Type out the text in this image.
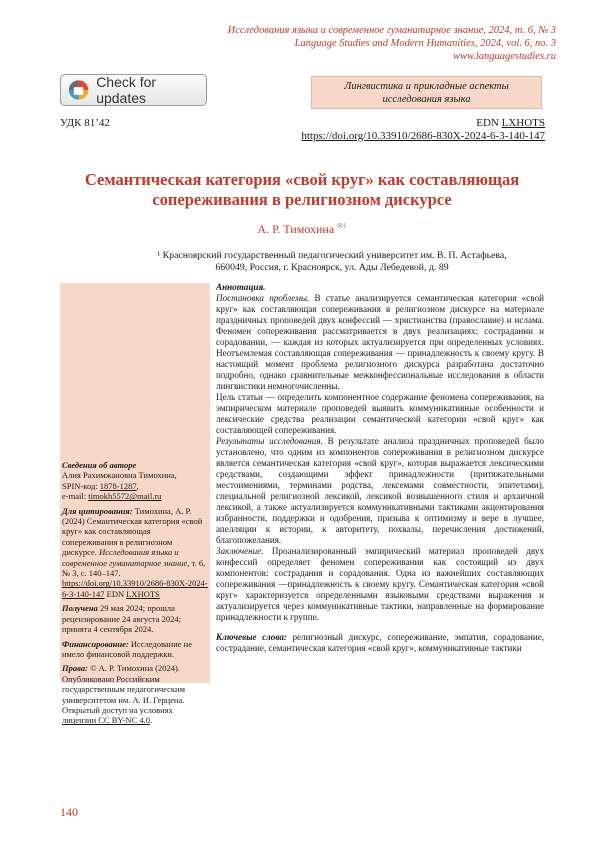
Исследования языка и современное гуманитарное знание, 2024, т. 6, № 3
Language Studies and Modern Humanities, 2024, vol. 6, no. 3
www.languagestudies.ru
Check for updates
Лингвистика и прикладные аспекты
исследования языка
УДК 81’42	EDN LXHOTS
https://doi.org/10.33910/2686-830X-2024-6-3-140-147
Семантическая категория «свой круг» как составляющая
сопереживания в религиозном дискурсе
А. Р. Тимохина $^{✉1}$
¹ Красноярский государственный педагогический университет им. В. П. Астафьева,
660049, Россия, г. Красноярск, ул. Ады Лебедевой, д. 89

Сведения об авторе
Алия Рахимжановна Тимохина,
SPIN-код: 1878-1287,
e-mail: timokh5572@mail.ru

Для цитирования: Тимохина, А. Р. (2024) Семантическая категория «свой круг» как составляющая сопереживания в религиозном дискурсе. Исследования языка и современное гуманитарное знание, т. 6, № 3, с. 140–147. https://doi.org/10.33910/2686-830X-2024-6-3-140-147 EDN LXHOTS

Получена 29 мая 2024; прошла рецензирование 24 августа 2024; принята 4 сентября 2024.

Финансирование: Исследование не имело финансовой поддержки.

Права: © А. Р. Тимохина (2024). Опубликовано Российским государственным педагогическим университетом им. А. И. Герцена. Открытый доступ на условиях лицензии CC BY-NC 4.0.

Аннотация.

Постановка проблемы. В статье анализируется семантическая категория «свой круг» как составляющая сопереживания в религиозном дискурсе на материале праздничных проповедей двух конфессий — христианства (православие) и ислама. Феномен сопереживания рассматривается в двух реализациях: сострадании и сорадовании, — каждая из которых актуализируется при определенных условиях. Неотъемлемая составляющая сопереживания — принадлежность к своему кругу. В настоящий момент проблема религиозного дискурса разработана достаточно подробно, однако сравнительные межконфессиональные исследования в области лингвистики немногочисленны.

Цель статьи — определить компонентное содержание феномена сопереживания, на эмпирическом материале проповедей выявить коммуникативные особенности и лексические средства реализации семантической категории «свой круг» как составляющей сопереживания.

Результаты исследования. В результате анализа праздничных проповедей было установлено, что одним из компонентов сопереживания в религиозном дискурсе является семантическая категория «свой круг», которая выражается лексическими средствами, создающими эффект принадлежности (притяжательными местоимениями, терминами родства, лексемами совместности, эпитетами), специальной религиозной лексикой, лексикой возвышенного стиля и архаичной лексикой, а также актуализируется коммуникативными тактиками акцентирования избранности, поддержки и одобрения, призыва к оптимизму и вере в лучшее, апелляции к истории, к авторитету, похвалы, перечисления достижений, благопожелания.

Заключение. Проанализированный эмпирический материал проповедей двух конфессий определяет феномен сопереживания как состоящий из двух компонентов: сострадания и сорадования. Одна из важнейших составляющих сопереживания —принадлежность к своему кругу. Семантическая категория «свой круг» характеризуется определенными языковыми средствами выражения и актуализируется через коммуникативные тактики, направленные на формирование принадлежности к группе.

Ключевые слова: религиозный дискурс, сопереживание, эмпатия, сорадование, сострадание, семантическая категория «свой круг», коммуникативные тактики

140
